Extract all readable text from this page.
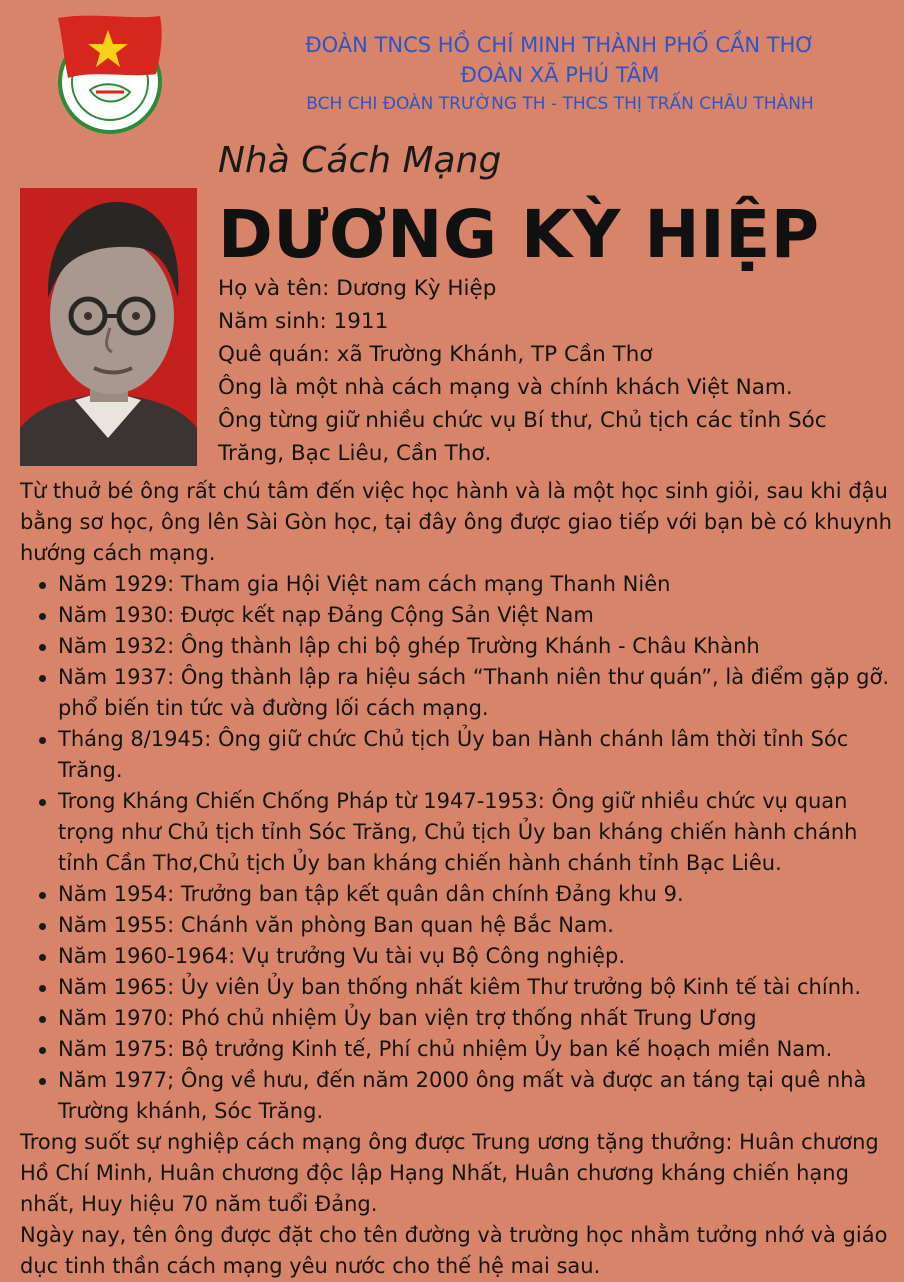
ĐOÀN TNCS HỒ CHÍ MINH THÀNH PHỐ CẦN THƠ
ĐOÀN XÃ PHÚ TÂM
BCH CHI ĐOÀN TRƯỜNG TH - THCS THỊ TRẤN CHÂU THÀNH
Nhà Cách Mạng
DƯƠNG KỲ HIỆP
Họ và tên: Dương Kỳ Hiệp
Năm sinh: 1911
Quê quán: xã Trường Khánh, TP Cần Thơ
Ông là một nhà cách mạng và chính khách Việt Nam.
Ông từng giữ nhiều chức vụ Bí thư, Chủ tịch các tỉnh Sóc
Trăng, Bạc Liêu, Cần Thơ.

Từ thuở bé ông rất chú tâm đến việc học hành và là một học sinh giỏi, sau khi đậu bằng sơ học, ông lên Sài Gòn học, tại đây ông được giao tiếp với bạn bè có khuynh hướng cách mạng.

Năm 1929: Tham gia Hội Việt nam cách mạng Thanh Niên
Năm 1930: Được kết nạp Đảng Cộng Sản Việt Nam
Năm 1932: Ông thành lập chi bộ ghép Trường Khánh - Châu Khành
Năm 1937: Ông thành lập ra hiệu sách “Thanh niên thư quán”, là điểm gặp gỡ. phổ biến tin tức và đường lối cách mạng.
Tháng 8/1945: Ông giữ chức Chủ tịch Ủy ban Hành chánh lâm thời tỉnh Sóc Trăng.
Trong Kháng Chiến Chống Pháp từ 1947-1953: Ông giữ nhiều chức vụ quan trọng như Chủ tịch tỉnh Sóc Trăng, Chủ tịch Ủy ban kháng chiến hành chánh tỉnh Cần Thơ,Chủ tịch Ủy ban kháng chiến hành chánh tỉnh Bạc Liêu.
Năm 1954: Trưởng ban tập kết quân dân chính Đảng khu 9.
Năm 1955: Chánh văn phòng Ban quan hệ Bắc Nam.
Năm 1960-1964: Vụ trưởng Vu tài vụ Bộ Công nghiệp.
Năm 1965: Ủy viên Ủy ban thống nhất kiêm Thư trưởng bộ Kinh tế tài chính.
Năm 1970: Phó chủ nhiệm Ủy ban viện trợ thống nhất Trung Ương
Năm 1975: Bộ trưởng Kinh tế, Phí chủ nhiệm Ủy ban kế hoạch miền Nam.
Năm 1977; Ông về hưu, đến năm 2000 ông mất và được an táng tại quê nhà Trường khánh, Sóc Trăng.

Trong suốt sự nghiệp cách mạng ông được Trung ương tặng thưởng: Huân chương Hồ Chí Minh, Huân chương độc lập Hạng Nhất, Huân chương kháng chiến hạng nhất, Huy hiệu 70 năm tuổi Đảng.

Ngày nay, tên ông được đặt cho tên đường và trường học nhằm tưởng nhớ và giáo dục tinh thần cách mạng yêu nước cho thế hệ mai sau.
